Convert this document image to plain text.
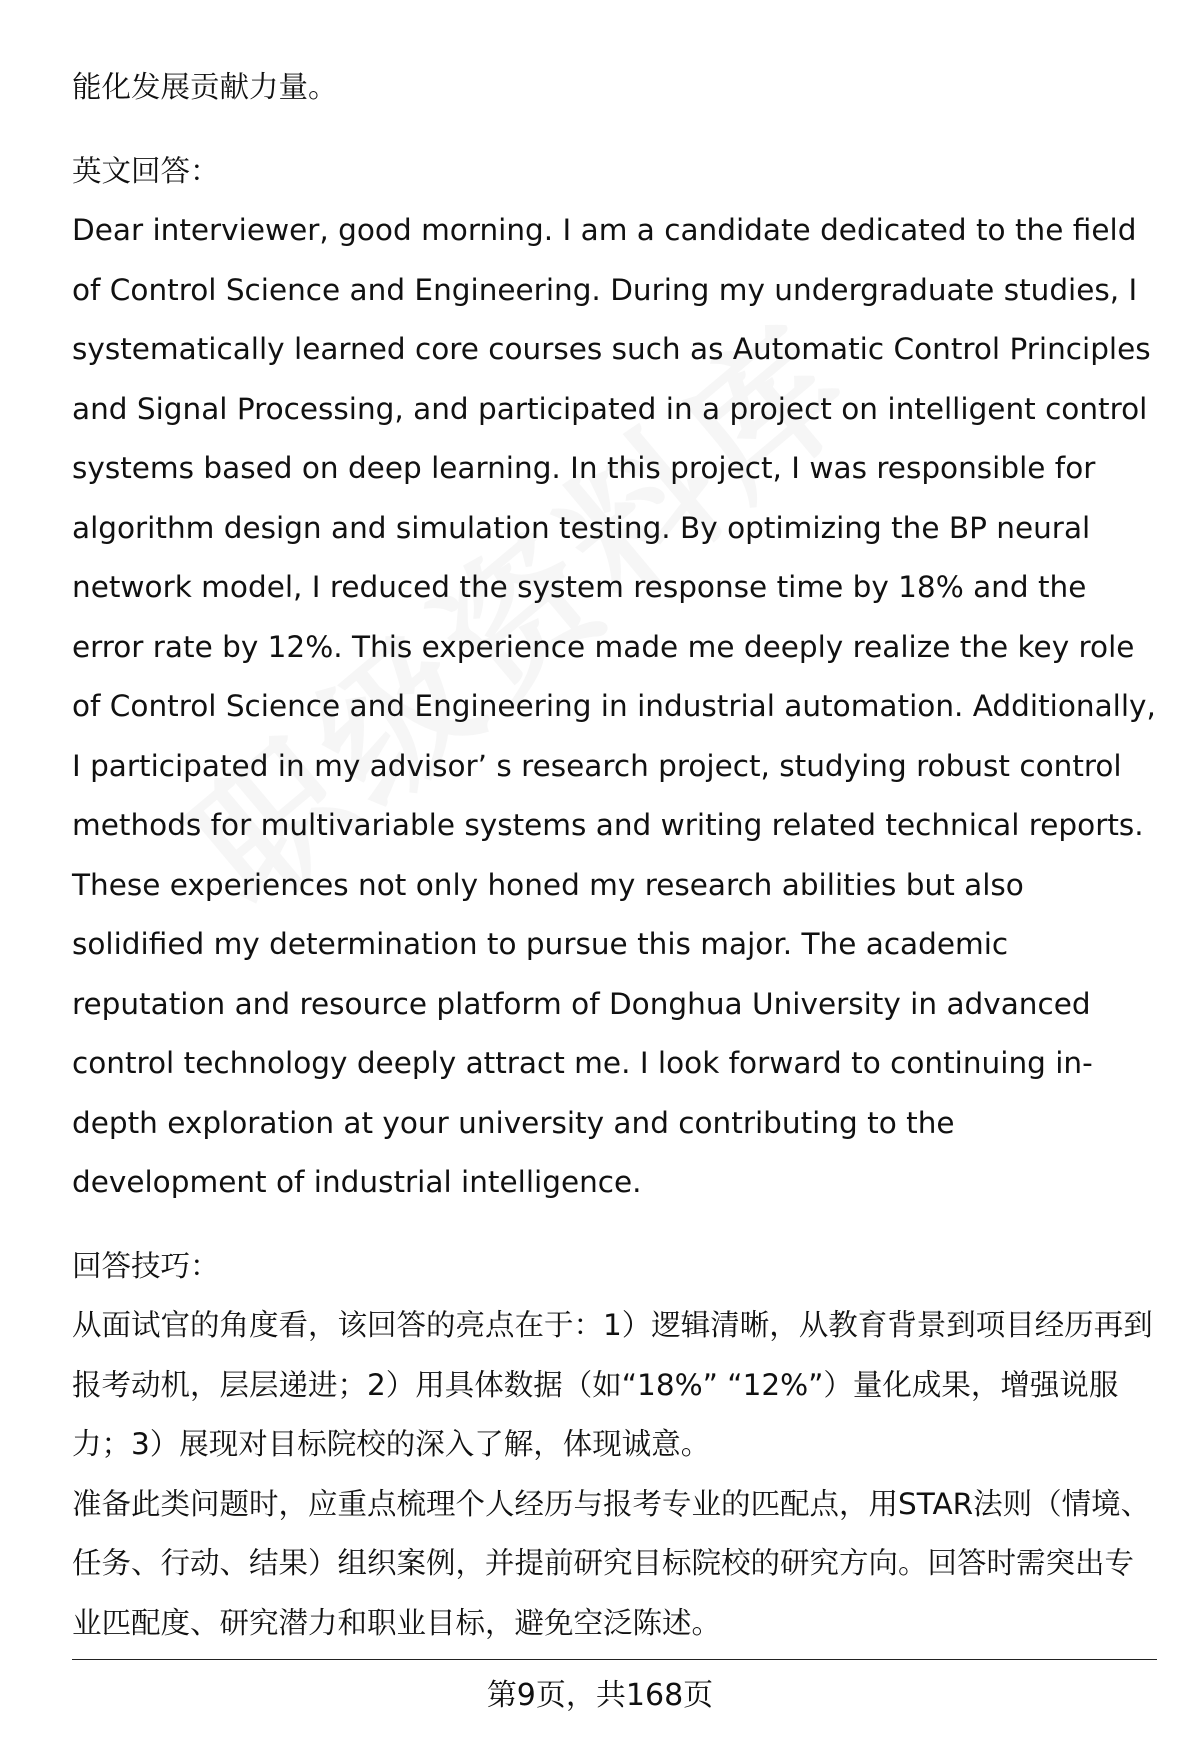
能化发展贡献力量。

英文回答：

Dear interviewer, good morning. I am a candidate dedicated to the field of Control Science and Engineering. During my undergraduate studies, I systematically learned core courses such as Automatic Control Principles and Signal Processing, and participated in a project on intelligent control systems based on deep learning. In this project, I was responsible for algorithm design and simulation testing. By optimizing the BP neural network model, I reduced the system response time by 18% and the error rate by 12%. This experience made me deeply realize the key role of Control Science and Engineering in industrial automation. Additionally, I participated in my advisor’ s research project, studying robust control methods for multivariable systems and writing related technical reports. These experiences not only honed my research abilities but also solidified my determination to pursue this major. The academic reputation and resource platform of Donghua University in advanced control technology deeply attract me. I look forward to continuing in-depth exploration at your university and contributing to the development of industrial intelligence.

回答技巧：

从面试官的角度看，该回答的亮点在于：1）逻辑清晰，从教育背景到项目经历再到报考动机，层层递进；2）用具体数据（如“18%” “12%”）量化成果，增强说服力；3）展现对目标院校的深入了解，体现诚意。

准备此类问题时，应重点梳理个人经历与报考专业的匹配点，用STAR法则（情境、任务、行动、结果）组织案例，并提前研究目标院校的研究方向。回答时需突出专业匹配度、研究潜力和职业目标，避免空泛陈述。

第9页，共168页
